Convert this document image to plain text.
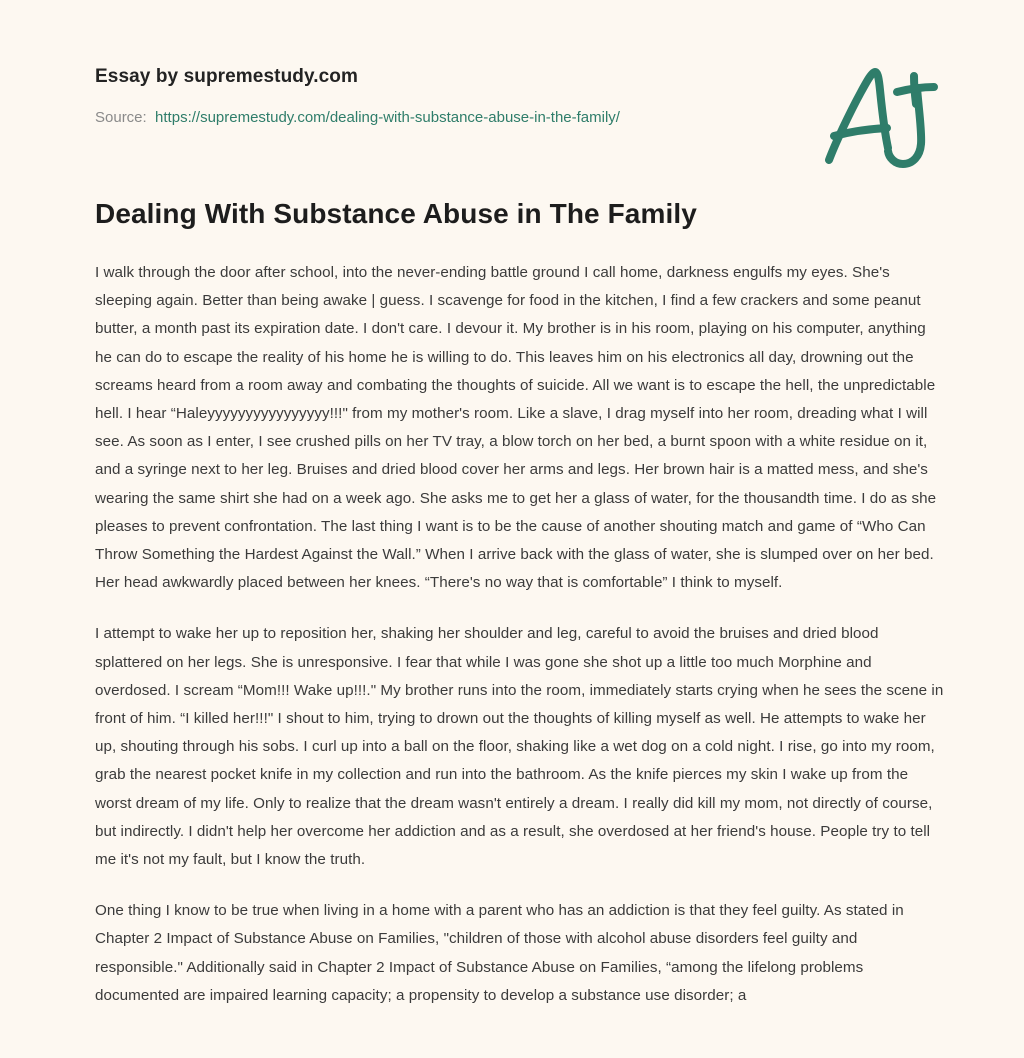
Essay by supremestudy.com
Source: https://supremestudy.com/dealing-with-substance-abuse-in-the-family/
Dealing With Substance Abuse in The Family

I walk through the door after school, into the never-ending battle ground I call home, darkness engulfs my eyes. She's sleeping again. Better than being awake | guess. I scavenge for food in the kitchen, I find a few crackers and some peanut butter, a month past its expiration date. I don't care. I devour it. My brother is in his room, playing on his computer, anything he can do to escape the reality of his home he is willing to do. This leaves him on his electronics all day, drowning out the screams heard from a room away and combating the thoughts of suicide. All we want is to escape the hell, the unpredictable hell. I hear “Haleyyyyyyyyyyyyyyyy!!!" from my mother's room. Like a slave, I drag myself into her room, dreading what I will see. As soon as I enter, I see crushed pills on her TV tray, a blow torch on her bed, a burnt spoon with a white residue on it, and a syringe next to her leg. Bruises and dried blood cover her arms and legs. Her brown hair is a matted mess, and she's wearing the same shirt she had on a week ago. She asks me to get her a glass of water, for the thousandth time. I do as she pleases to prevent confrontation. The last thing I want is to be the cause of another shouting match and game of “Who Can Throw Something the Hardest Against the Wall.” When I arrive back with the glass of water, she is slumped over on her bed. Her head awkwardly placed between her knees. “There's no way that is comfortable” I think to myself.

I attempt to wake her up to reposition her, shaking her shoulder and leg, careful to avoid the bruises and dried blood splattered on her legs. She is unresponsive. I fear that while I was gone she shot up a little too much Morphine and overdosed. I scream “Mom!!! Wake up!!!." My brother runs into the room, immediately starts crying when he sees the scene in front of him. “I killed her!!!" I shout to him, trying to drown out the thoughts of killing myself as well. He attempts to wake her up, shouting through his sobs. I curl up into a ball on the floor, shaking like a wet dog on a cold night. I rise, go into my room, grab the nearest pocket knife in my collection and run into the bathroom. As the knife pierces my skin I wake up from the worst dream of my life. Only to realize that the dream wasn't entirely a dream. I really did kill my mom, not directly of course, but indirectly. I didn't help her overcome her addiction and as a result, she overdosed at her friend's house. People try to tell me it's not my fault, but I know the truth.

One thing I know to be true when living in a home with a parent who has an addiction is that they feel guilty. As stated in Chapter 2 Impact of Substance Abuse on Families, "children of those with alcohol abuse disorders feel guilty and responsible." Additionally said in Chapter 2 Impact of Substance Abuse on Families, “among the lifelong problems documented are impaired learning capacity; a propensity to develop a substance use disorder; a
